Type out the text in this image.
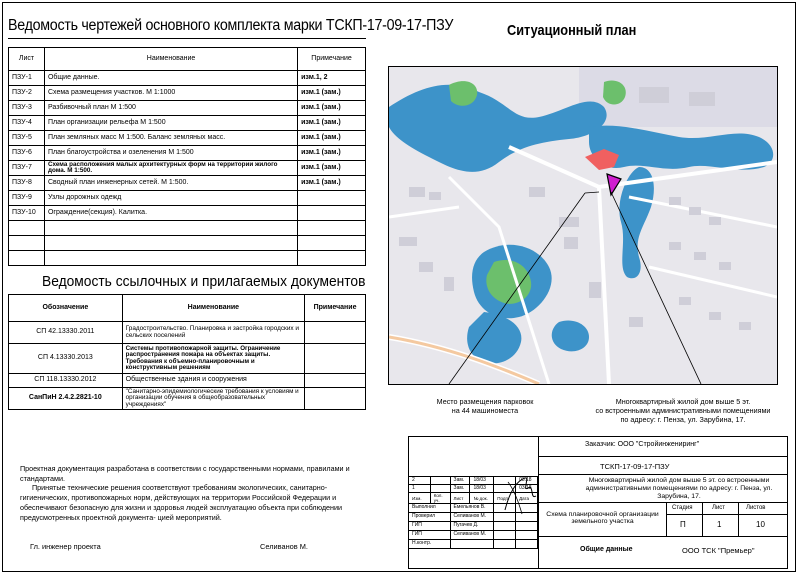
Ведомость чертежей основного комплекта марки ТСКП-17-09-17-ПЗУ
Лист	Наименование	Примечание
ПЗУ-1	Общие данные.	изм.1, 2
ПЗУ-2	Схема размещения участков. М 1:1000	изм.1 (зам.)
ПЗУ-3	Разбивочный план М 1:500	изм.1 (зам.)
ПЗУ-4	План организации рельефа М 1:500	изм.1 (зам.)
ПЗУ-5	План земляных масс М 1:500. Баланс земляных масс.	изм.1 (зам.)
ПЗУ-6	План благоустройства и озеленения М 1:500	изм.1 (зам.)
ПЗУ-7	Схема расположения малых архитектурных форм на территории жилого дома. М 1:500.	изм.1 (зам.)
ПЗУ-8	Сводный план инженерных сетей. М 1:500.	изм.1 (зам.)
ПЗУ-9	Узлы дорожных одежд	
ПЗУ-10	Ограждение(секция). Калитка.	

Ведомость ссылочных и прилагаемых документов
Обозначение	Наименование	Примечание
СП 42.13330.2011	Градостроительство. Планировка и застройка городских и сельских поселений	
СП 4.13330.2013	Системы противопожарной защиты. Ограничение распространения пожара на объектах защиты. Требования к объемно-планировочным и конструктивным решениям	
СП 118.13330.2012	Общественные здания и сооружения	
СанПиН 2.4.2.2821-10	"Санитарно-эпидемиологические требования к условиям и организации обучения в общеобразовательных учреждениях"	
Ситуационный план
Место размещения парковок
на 44 машиноместа
Многоквартирный жилой дом выше 5 эт.
со встроенными административными помещениями
по адресу: г. Пенза, ул. Зарубина, 17.
Проектная документация разработана в соответствии с государственными нормами, правилами и стандартами.
Принятые технические решения соответствуют требованиям экологических, санитарно-гигиенических, противопожарных норм, действующих на территории Российской Федерации и обеспечивают безопасную для жизни и здоровья людей эксплуатацию объекта при соблюдении предусмотренных проектной документа- цией мероприятий.
Гл. инженер проекта	Селиванов М.
Заказчик: ООО "Стройинжениринг"
ТСКП-17-09-17-ПЗУ
Многоквартирный жилой дом выше 5 эт. со встроенными административными помещениями по адресу: г. Пенза, ул. Зарубина, 17.
Схема планировочной организации земельного участка
Стадия	Лист	Листов
П	1	10
Общие данные	ООО ТСК "Премьер"
2		Зам.	18/03		03.18
1		Зам.	18/03		03.18
Изм.	Кол. уч.	Лист	№ док.	Подп.	Дата
Выполнил		Емельянов В.			
Проверил		Селиванов М.			
ГИП		Пугачев Д.			
ГИП		Селиванов М.			
Н.контр.					
